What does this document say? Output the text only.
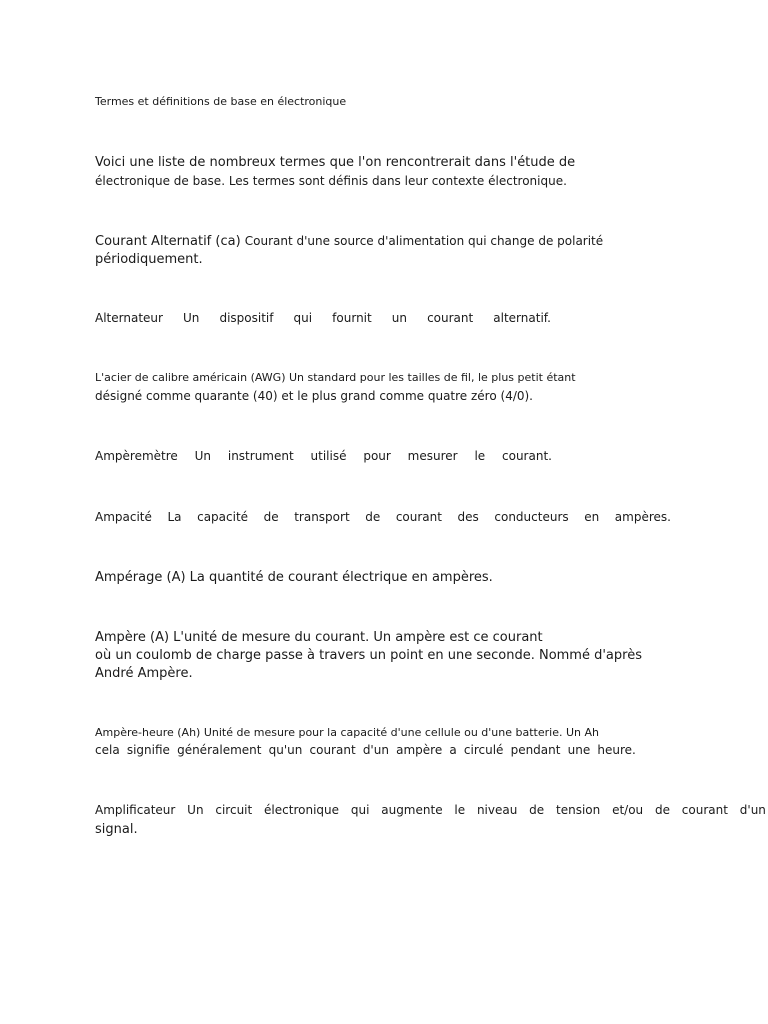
Termes et définitions de base en électronique

Voici une liste de nombreux termes que l'on rencontrerait dans l'étude de

électronique de base. Les termes sont définis dans leur contexte électronique.

Courant Alternatif (ca) Courant d'une source d'alimentation qui change de polarité

périodiquement.

Alternateur Un dispositif qui fournit un courant alternatif.

L'acier de calibre américain (AWG) Un standard pour les tailles de fil, le plus petit étant

désigné comme quarante (40) et le plus grand comme quatre zéro (4/0).

Ampèremètre Un instrument utilisé pour mesurer le courant.
Ampacité La capacité de transport de courant des conducteurs en ampères.

Ampérage (A) La quantité de courant électrique en ampères.

Ampère (A) L'unité de mesure du courant. Un ampère est ce courant

où un coulomb de charge passe à travers un point en une seconde. Nommé d'après

André Ampère.

Ampère-heure (Ah) Unité de mesure pour la capacité d'une cellule ou d'une batterie. Un Ah

cela signifie généralement qu'un courant d'un ampère a circulé pendant une heure.
Amplificateur Un circuit électronique qui augmente le niveau de tension et/ou de courant d'un

signal.
